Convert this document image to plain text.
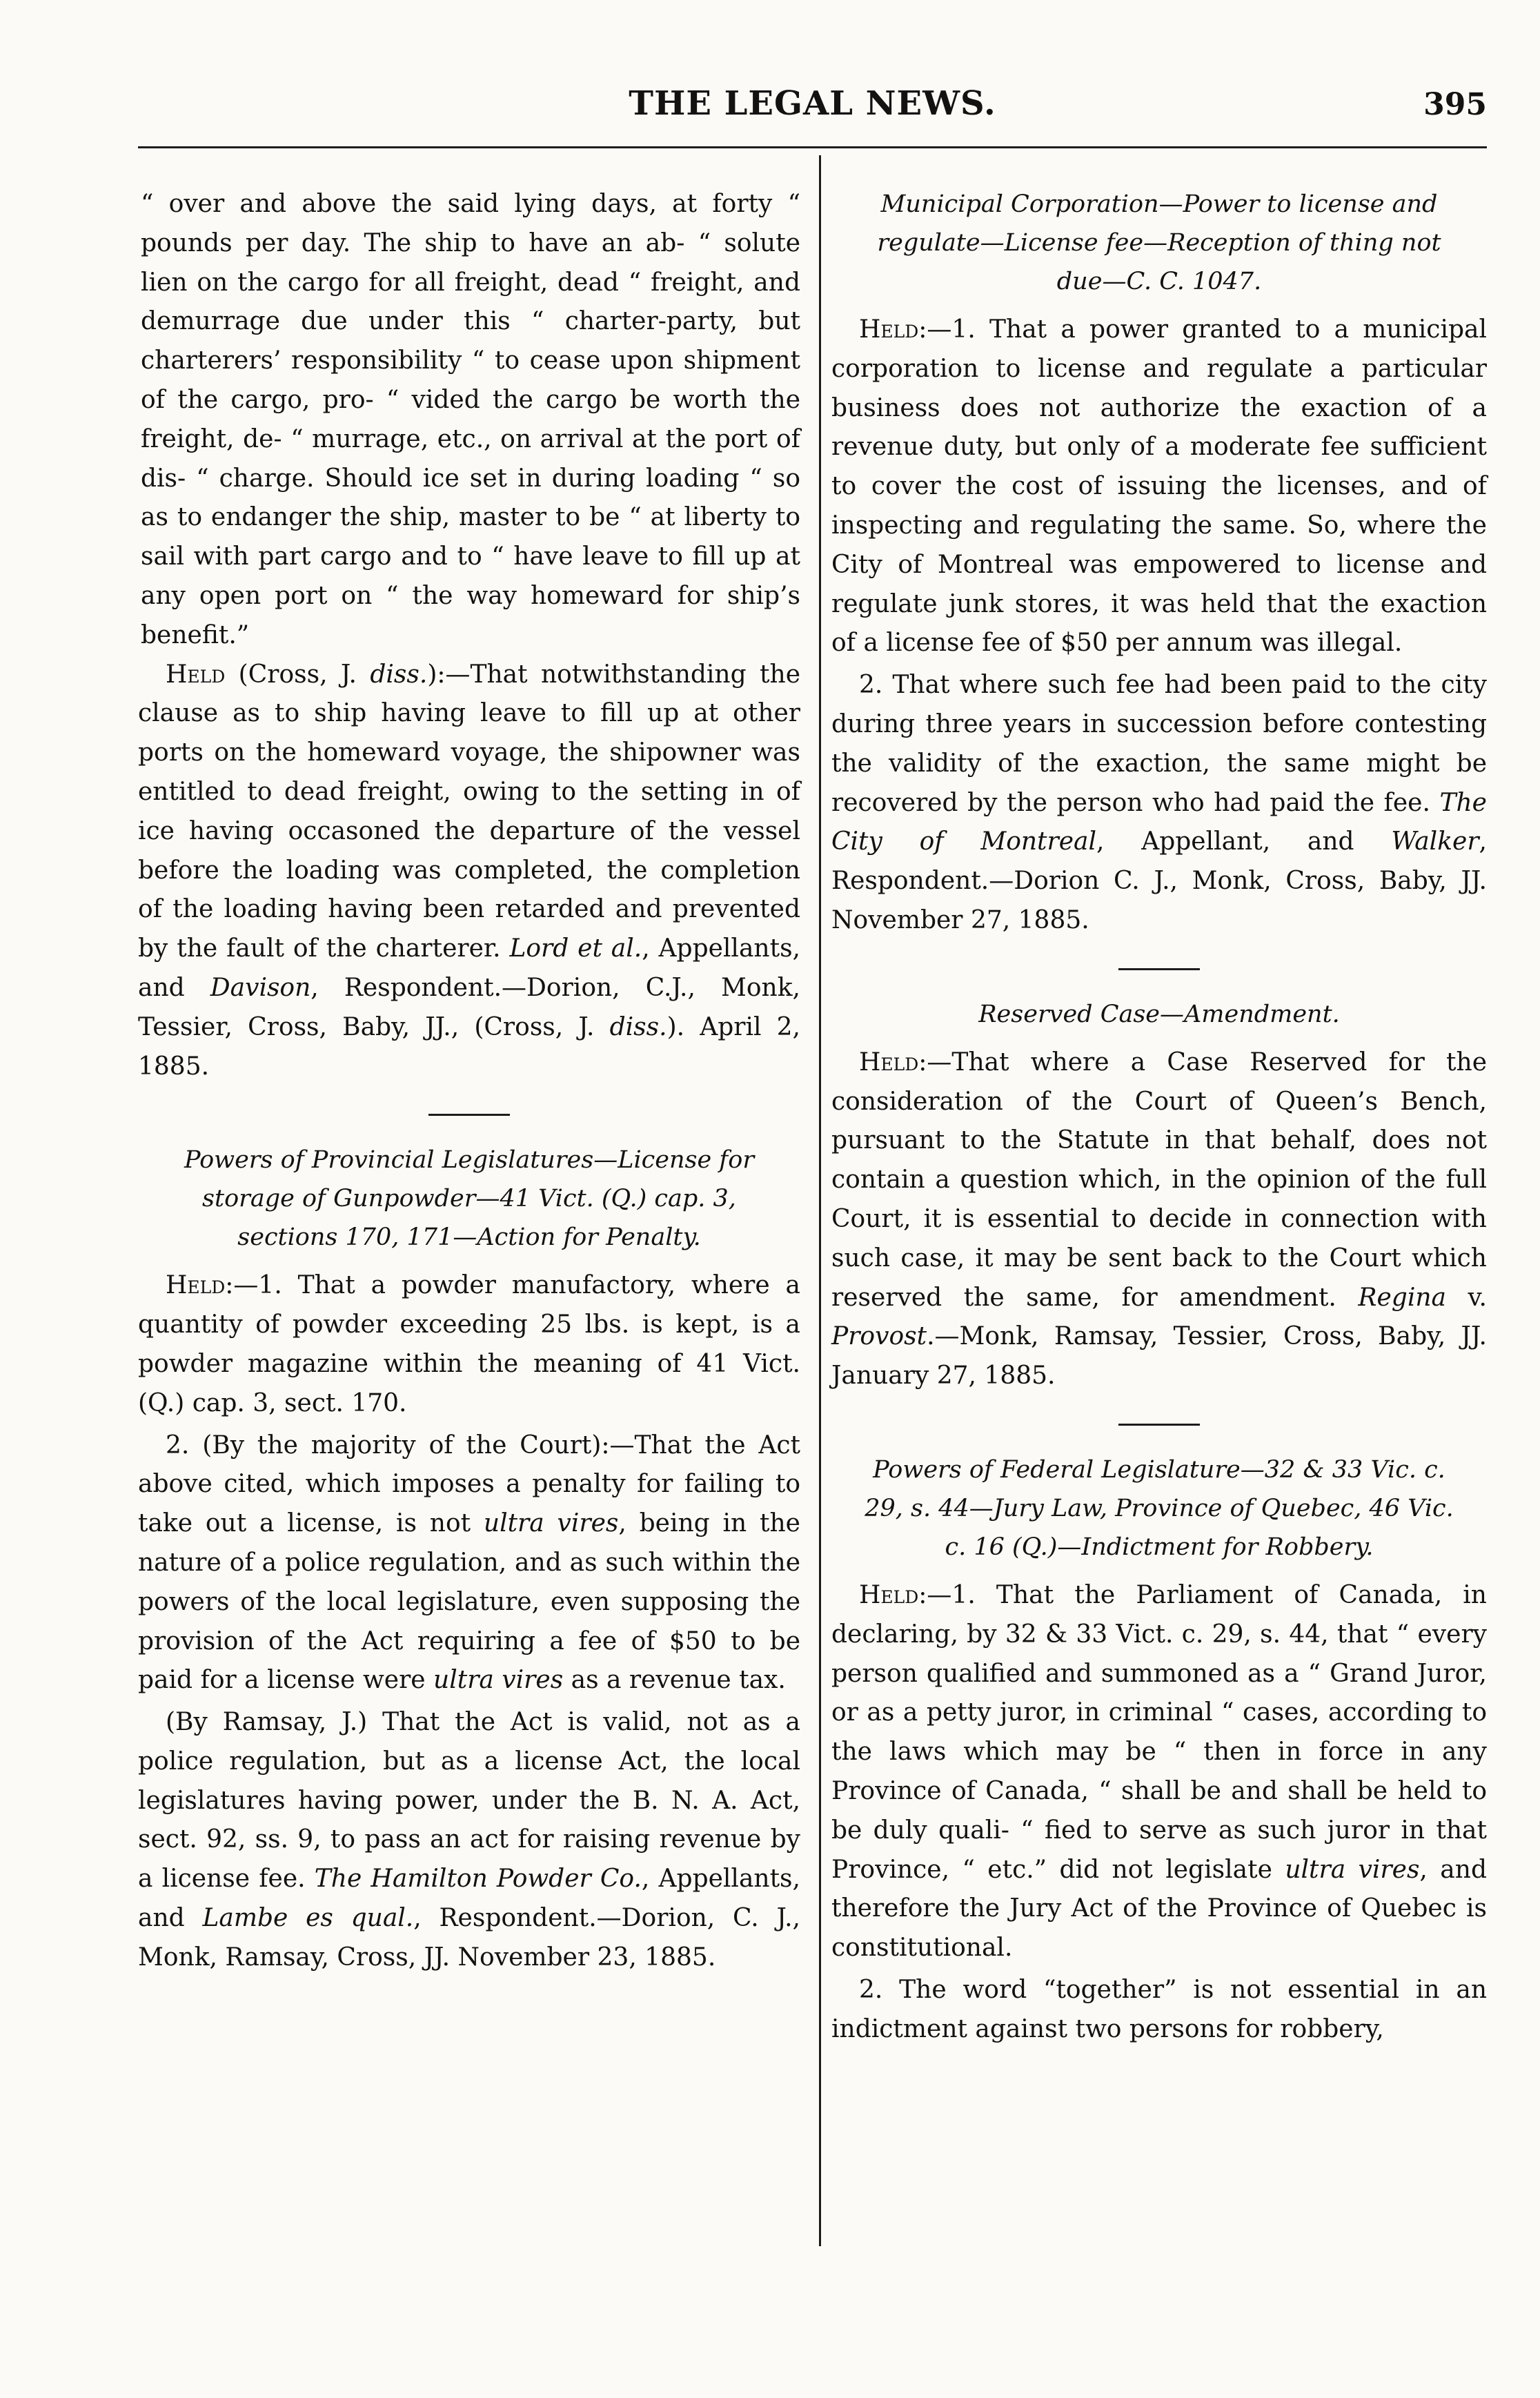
THE LEGAL NEWS.	395

“ over and above the said lying days, at forty “ pounds per day. The ship to have an ab- “ solute lien on the cargo for all freight, dead “ freight, and demurrage due under this “ charter-party, but charterers’ responsibility “ to cease upon shipment of the cargo, pro- “ vided the cargo be worth the freight, de- “ murrage, etc., on arrival at the port of dis- “ charge. Should ice set in during loading “ so as to endanger the ship, master to be “ at liberty to sail with part cargo and to “ have leave to fill up at any open port on “ the way homeward for ship’s benefit.”

Held (Cross, J. diss.):—That notwithstanding the clause as to ship having leave to fill up at other ports on the homeward voyage, the shipowner was entitled to dead freight, owing to the setting in of ice having occasoned the departure of the vessel before the loading was completed, the completion of the loading having been retarded and prevented by the fault of the charterer. Lord et al., Appellants, and Davison, Respondent.—Dorion, C.J., Monk, Tessier, Cross, Baby, JJ., (Cross, J. diss.). April 2, 1885.

Powers of Provincial Legislatures—License for storage of Gunpowder—41 Vict. (Q.) cap. 3, sections 170, 171—Action for Penalty.

Held:—1. That a powder manufactory, where a quantity of powder exceeding 25 lbs. is kept, is a powder magazine within the meaning of 41 Vict. (Q.) cap. 3, sect. 170.

2. (By the majority of the Court):—That the Act above cited, which imposes a penalty for failing to take out a license, is not ultra vires, being in the nature of a police regulation, and as such within the powers of the local legislature, even supposing the provision of the Act requiring a fee of $50 to be paid for a license were ultra vires as a revenue tax.

(By Ramsay, J.) That the Act is valid, not as a police regulation, but as a license Act, the local legislatures having power, under the B. N. A. Act, sect. 92, ss. 9, to pass an act for raising revenue by a license fee. The Hamilton Powder Co., Appellants, and Lambe es qual., Respondent.—Dorion, C. J., Monk, Ramsay, Cross, JJ. November 23, 1885.

Municipal Corporation—Power to license and regulate—License fee—Reception of thing not due—C. C. 1047.

Held:—1. That a power granted to a municipal corporation to license and regulate a particular business does not authorize the exaction of a revenue duty, but only of a moderate fee sufficient to cover the cost of issuing the licenses, and of inspecting and regulating the same. So, where the City of Montreal was empowered to license and regulate junk stores, it was held that the exaction of a license fee of $50 per annum was illegal.

2. That where such fee had been paid to the city during three years in succession before contesting the validity of the exaction, the same might be recovered by the person who had paid the fee. The City of Montreal, Appellant, and Walker, Respondent.—Dorion C. J., Monk, Cross, Baby, JJ. November 27, 1885.

Reserved Case—Amendment.

Held:—That where a Case Reserved for the consideration of the Court of Queen’s Bench, pursuant to the Statute in that behalf, does not contain a question which, in the opinion of the full Court, it is essential to decide in connection with such case, it may be sent back to the Court which reserved the same, for amendment. Regina v. Provost.—Monk, Ramsay, Tessier, Cross, Baby, JJ. January 27, 1885.

Powers of Federal Legislature—32 & 33 Vic. c. 29, s. 44—Jury Law, Province of Quebec, 46 Vic. c. 16 (Q.)—Indictment for Robbery.

Held:—1. That the Parliament of Canada, in declaring, by 32 & 33 Vict. c. 29, s. 44, that “ every person qualified and summoned as a “ Grand Juror, or as a petty juror, in criminal “ cases, according to the laws which may be “ then in force in any Province of Canada, “ shall be and shall be held to be duly quali- “ fied to serve as such juror in that Province, “ etc.” did not legislate ultra vires, and therefore the Jury Act of the Province of Quebec is constitutional.

2. The word “together” is not essential in an indictment against two persons for robbery,
